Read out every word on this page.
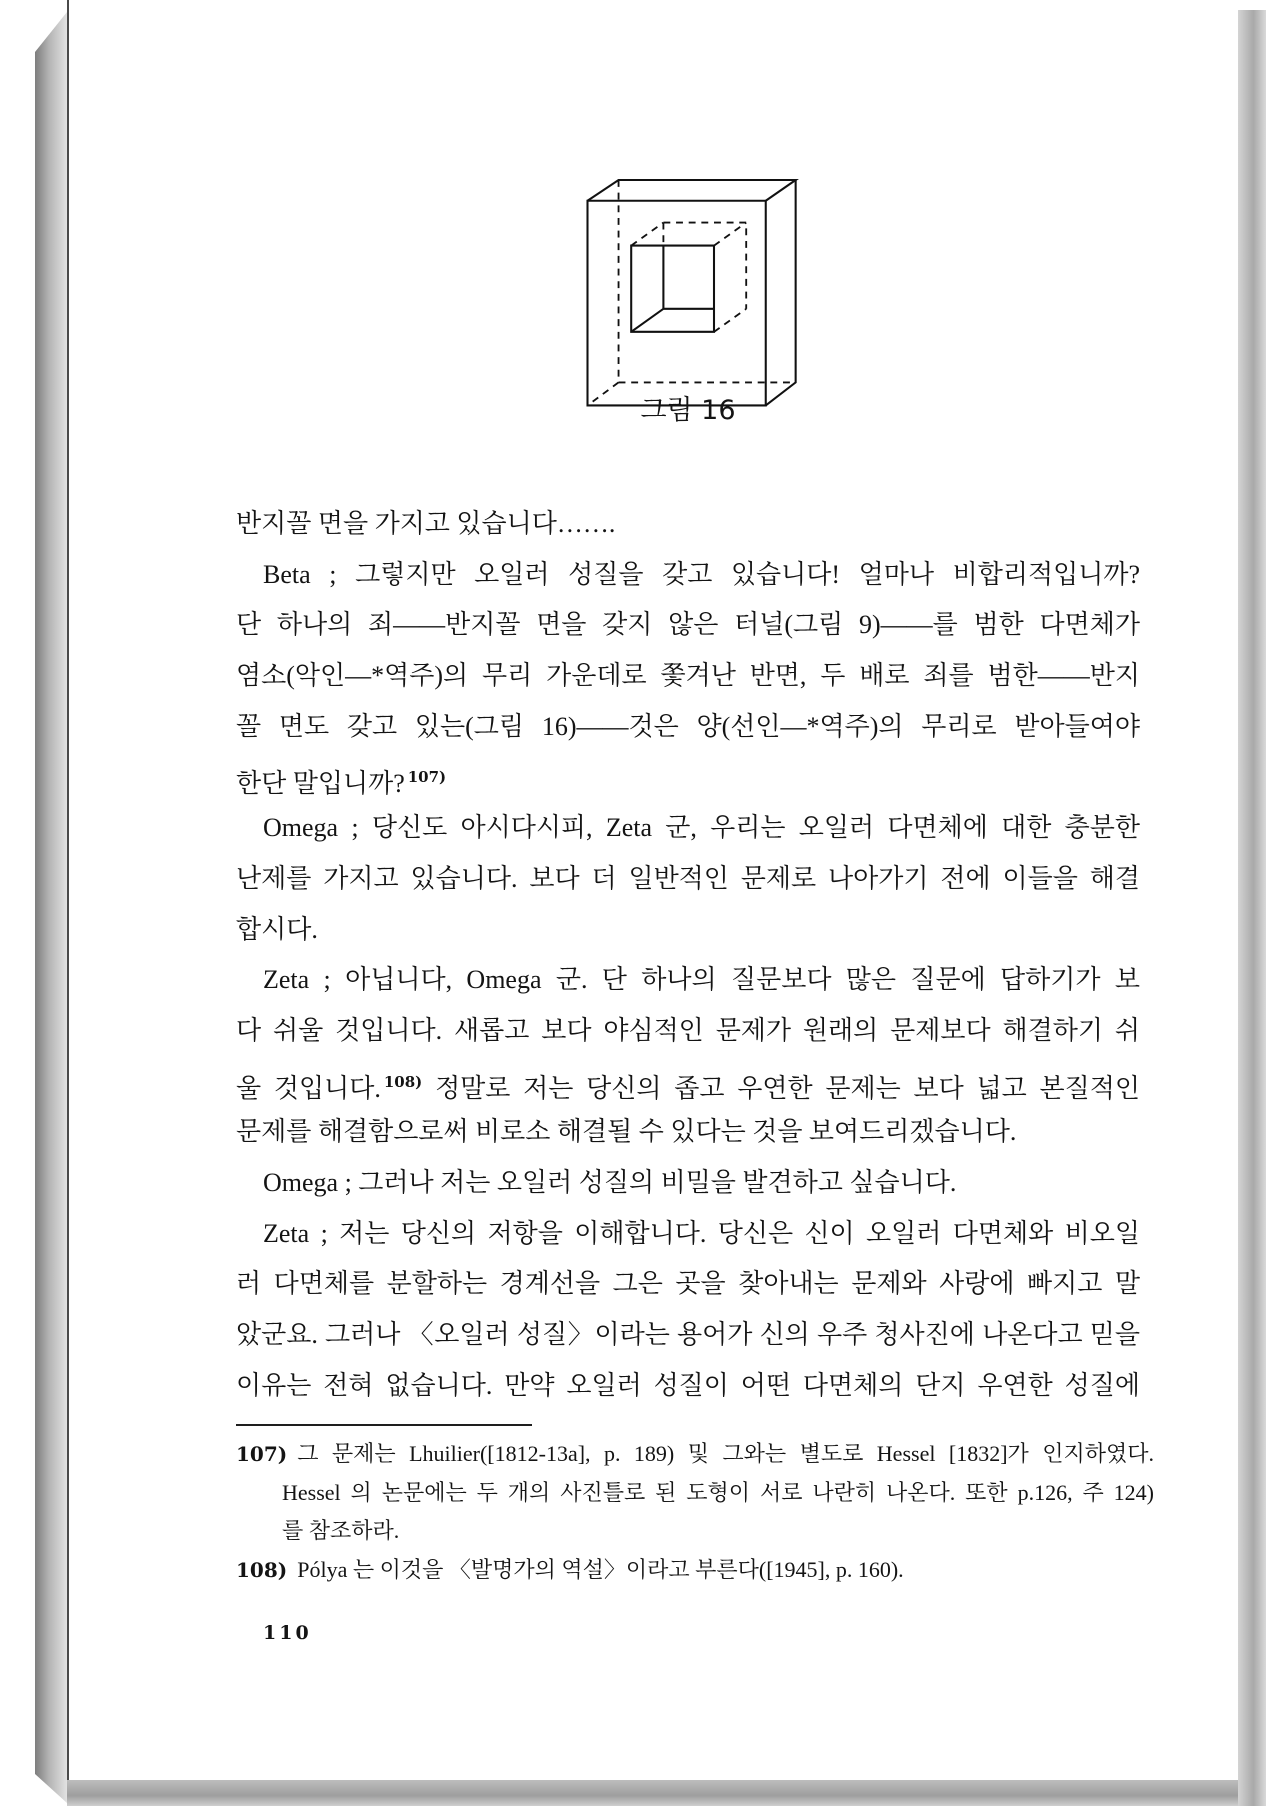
그림 16
반지꼴 면을 가지고 있습니다…….
Beta ; 그렇지만 오일러 성질을 갖고 있습니다! 얼마나 비합리적입니까?
단 하나의 죄——반지꼴 면을 갖지 않은 터널(그림 9)——를 범한 다면체가
염소(악인—*역주)의 무리 가운데로 쫓겨난 반면, 두 배로 죄를 범한——반지
꼴 면도 갖고 있는(그림 16)——것은 양(선인—*역주)의 무리로 받아들여야
한단 말입니까? $^{107)}$
Omega ; 당신도 아시다시피, Zeta 군, 우리는 오일러 다면체에 대한 충분한
난제를 가지고 있습니다. 보다 더 일반적인 문제로 나아가기 전에 이들을 해결
합시다.
Zeta ; 아닙니다, Omega 군. 단 하나의 질문보다 많은 질문에 답하기가 보
다 쉬울 것입니다. 새롭고 보다 야심적인 문제가 원래의 문제보다 해결하기 쉬
울 것입니다. $^{108)}$ 정말로 저는 당신의 좁고 우연한 문제는 보다 넓고 본질적인
문제를 해결함으로써 비로소 해결될 수 있다는 것을 보여드리겠습니다.
Omega ; 그러나 저는 오일러 성질의 비밀을 발견하고 싶습니다.
Zeta ; 저는 당신의 저항을 이해합니다. 당신은 신이 오일러 다면체와 비오일
러 다면체를 분할하는 경계선을 그은 곳을 찾아내는 문제와 사랑에 빠지고 말
았군요. 그러나 〈오일러 성질〉이라는 용어가 신의 우주 청사진에 나온다고 믿을
이유는 전혀 없습니다. 만약 오일러 성질이 어떤 다면체의 단지 우연한 성질에
107) 그 문제는 Lhuilier([1812-13a], p. 189) 및 그와는 별도로 Hessel [1832]가 인지하였다.
Hessel 의 논문에는 두 개의 사진틀로 된 도형이 서로 나란히 나온다. 또한 p.126, 주 124)
를 참조하라.
108) Pólya 는 이것을 〈발명가의 역설〉이라고 부른다([1945], p. 160).
110
